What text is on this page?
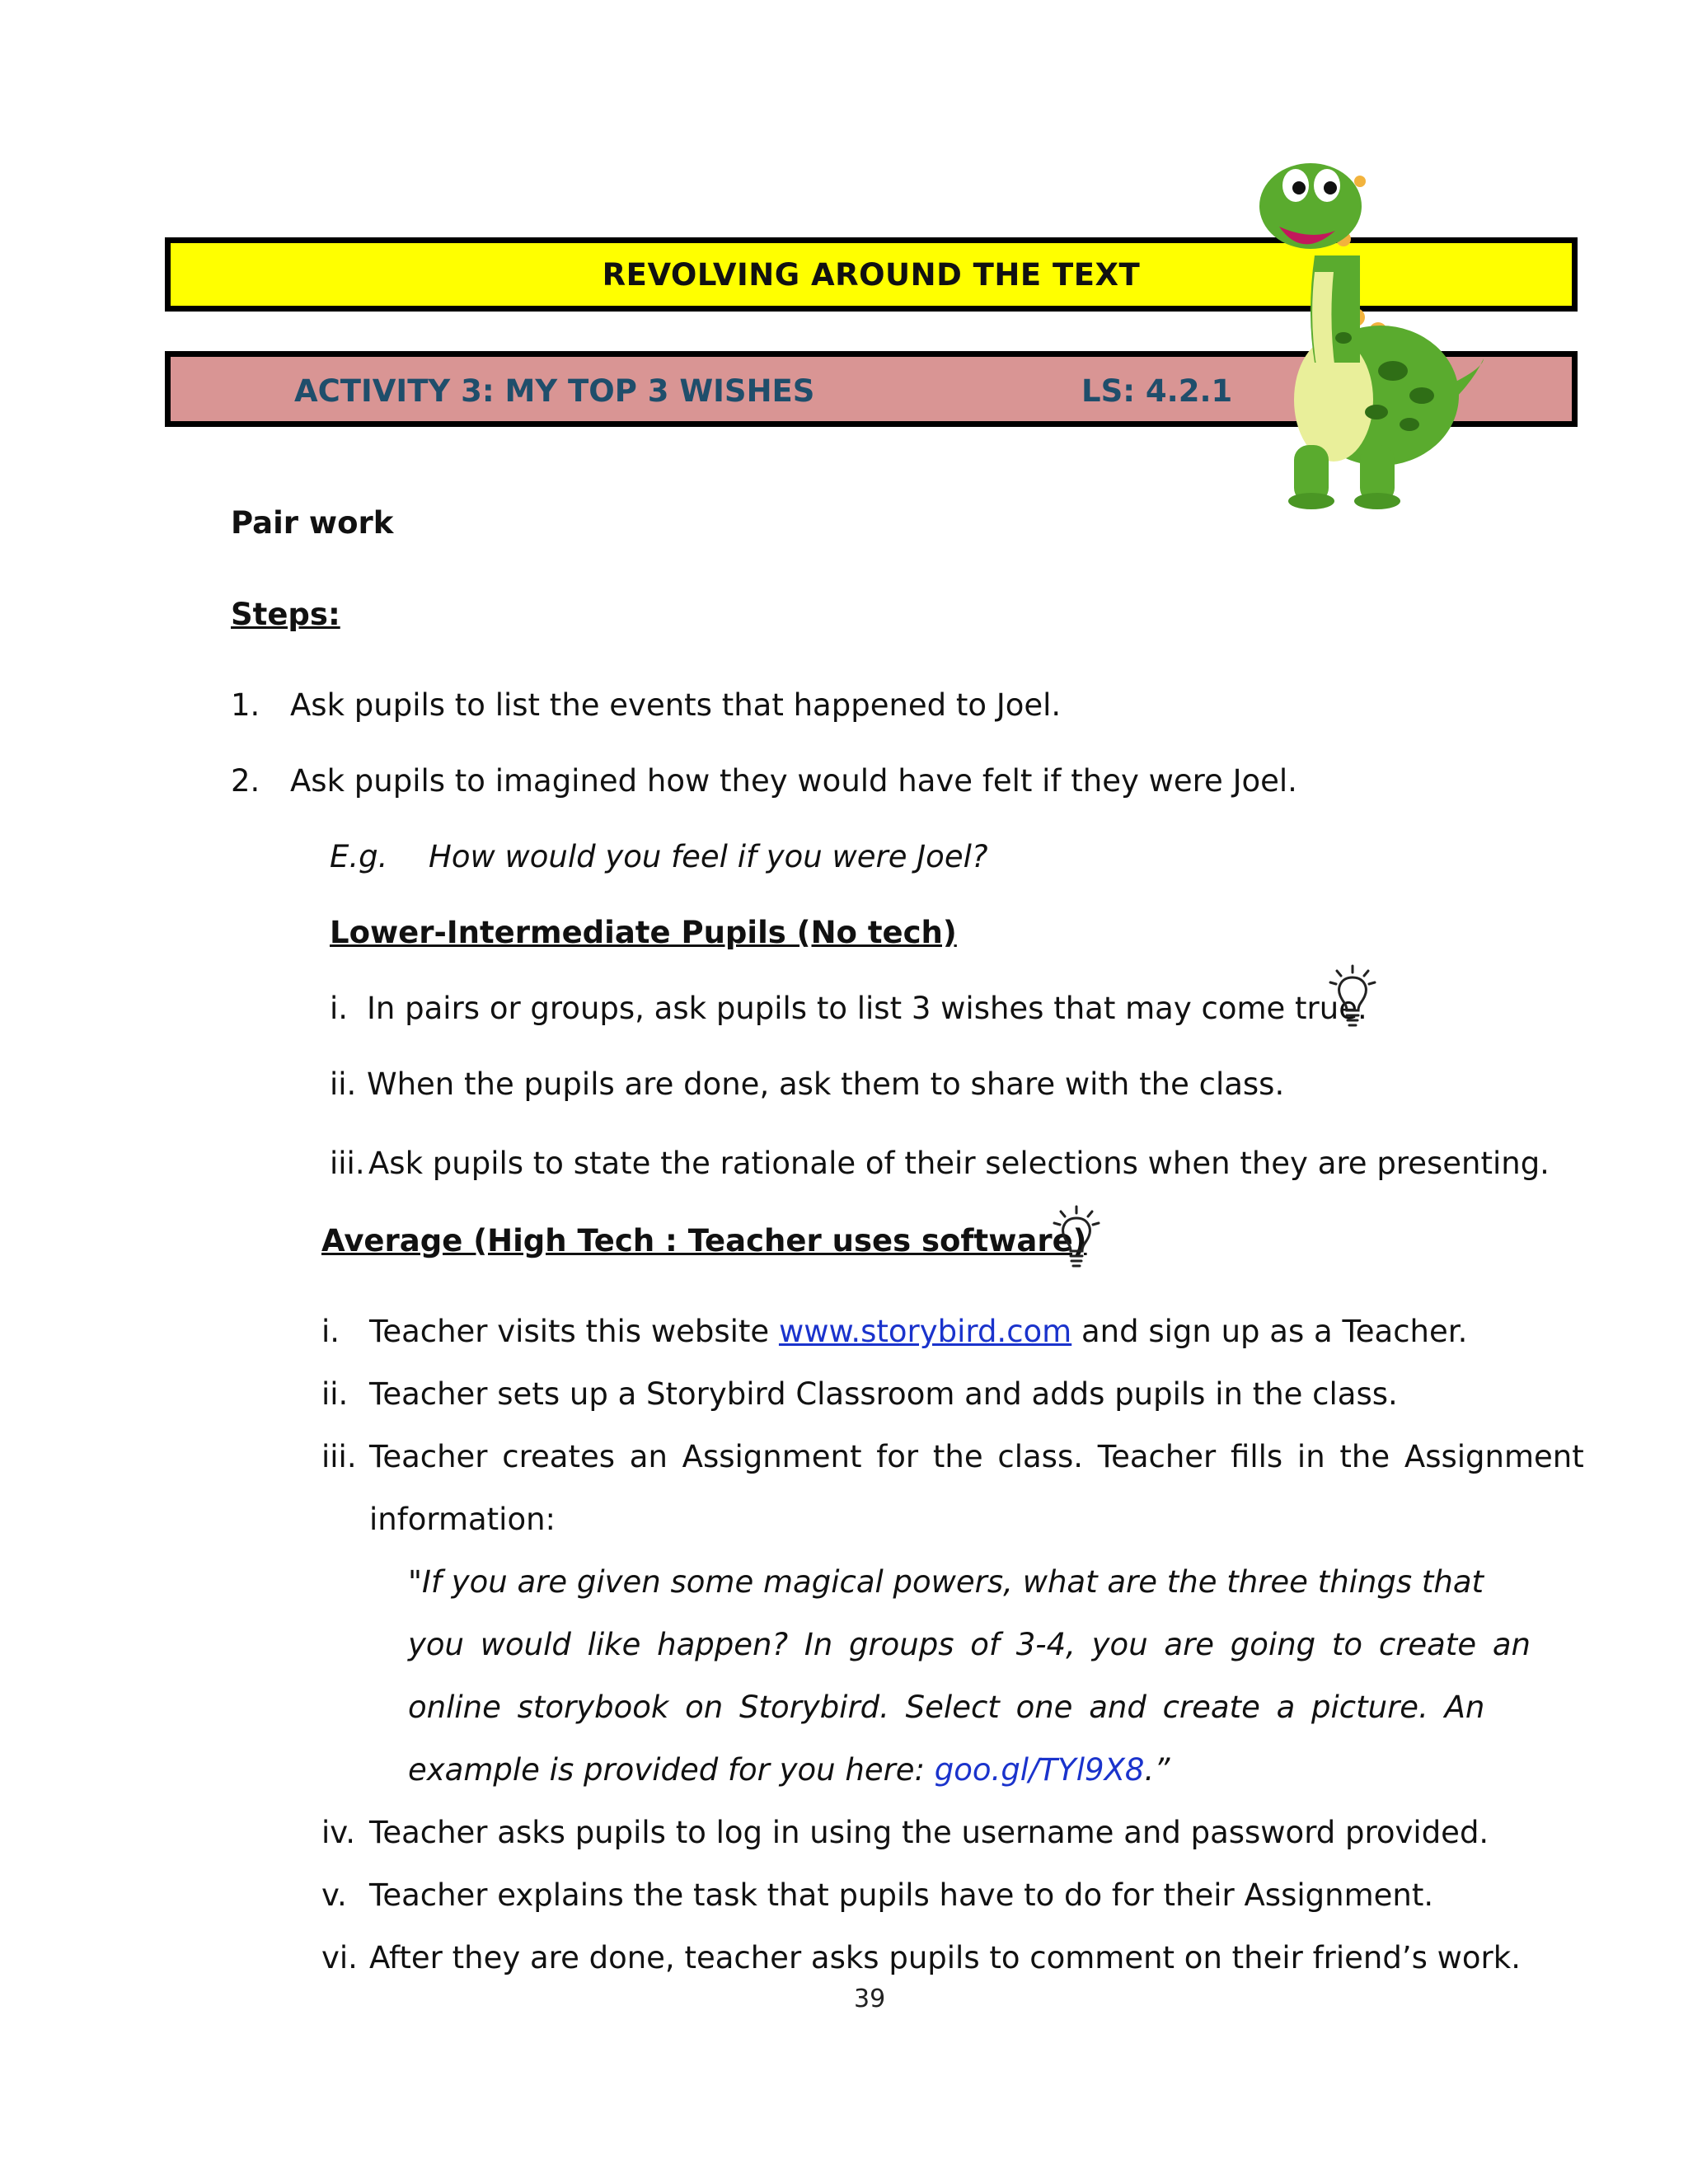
REVOLVING AROUND THE TEXT
ACTIVITY 3: MY TOP 3 WISHES	LS: 4.2.1
Pair work
Steps:
1. Ask pupils to list the events that happened to Joel.
2. Ask pupils to imagined how they would have felt if they were Joel.
E.g. How would you feel if you were Joel?
Lower-Intermediate Pupils (No tech)
i. In pairs or groups, ask pupils to list 3 wishes that may come true.
ii. When the pupils are done, ask them to share with the class.
iii. Ask pupils to state the rationale of their selections when they are presenting.
Average (High Tech : Teacher uses software)
i. Teacher visits this website www.storybird.com and sign up as a Teacher.
ii. Teacher sets up a Storybird Classroom and adds pupils in the class.
iii. Teacher creates an Assignment for the class. Teacher fills in the Assignment
information:
"If you are given some magical powers, what are the three things that
you would like happen? In groups of 3-4, you are going to create an
online storybook on Storybird. Select one and create a picture. An
example is provided for you here: goo.gl/TYl9X8.”
iv. Teacher asks pupils to log in using the username and password provided.
v. Teacher explains the task that pupils have to do for their Assignment.
vi. After they are done, teacher asks pupils to comment on their friend’s work.
39
